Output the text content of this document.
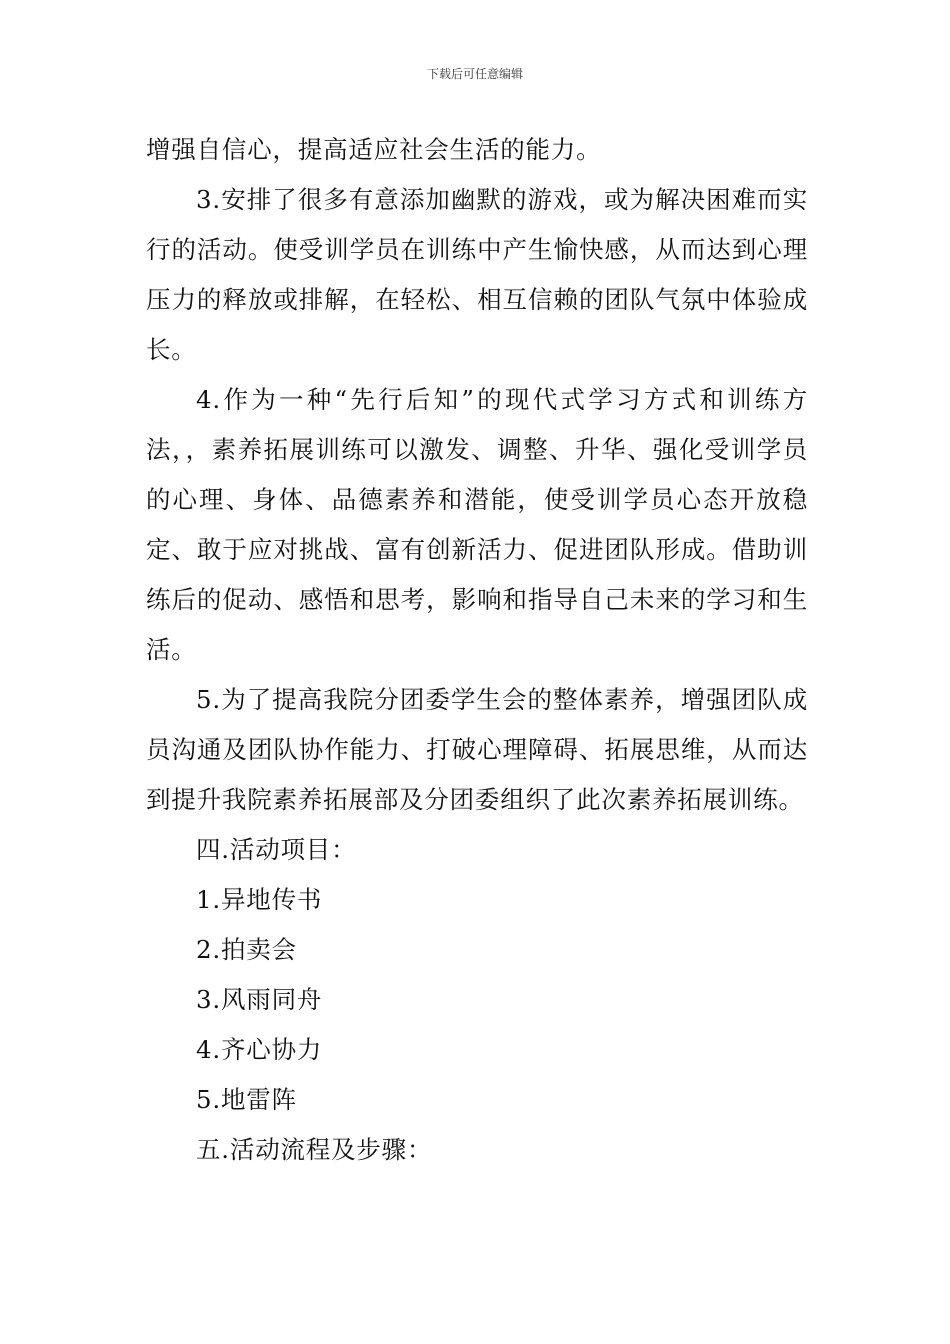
下载后可任意编辑

增强自信心，提高适应社会生活的能力。

3.安排了很多有意添加幽默的游戏，或为解决困难而实行的活动。使受训学员在训练中产生愉快感，从而达到心理压力的释放或排解，在轻松、相互信赖的团队气氛中体验成长。

4.作为一种“先行后知”的现代式学习方式和训练方法，，素养拓展训练可以激发、调整、升华、强化受训学员的心理、身体、品德素养和潜能，使受训学员心态开放稳定、敢于应对挑战、富有创新活力、促进团队形成。借助训练后的促动、感悟和思考，影响和指导自己未来的学习和生活。

5.为了提高我院分团委学生会的整体素养，增强团队成员沟通及团队协作能力、打破心理障碍、拓展思维，从而达到提升我院素养拓展部及分团委组织了此次素养拓展训练。

四.活动项目：

1.异地传书

2.拍卖会

3.风雨同舟

4.齐心协力

5.地雷阵

五.活动流程及步骤：
